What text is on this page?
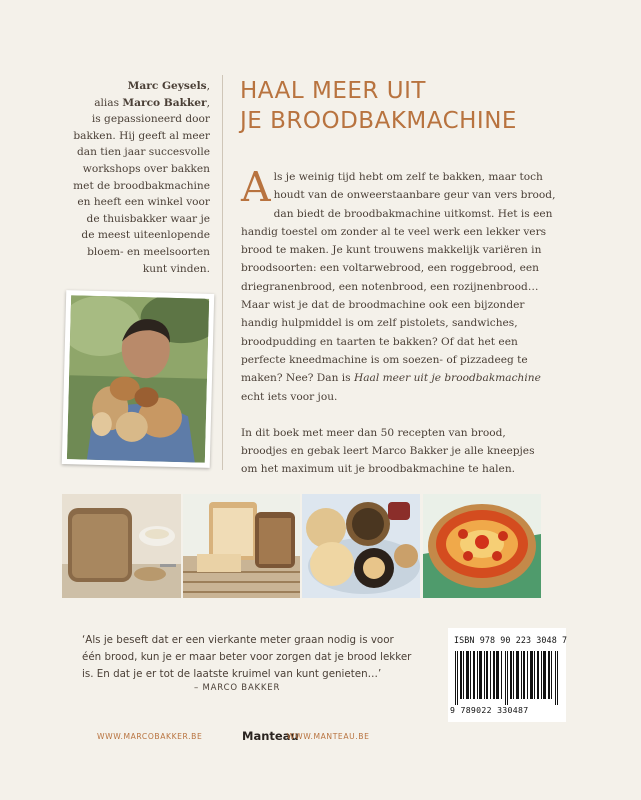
Marc Geysels,
alias Marco Bakker,
is gepassioneerd door
bakken. Hij geeft al meer
dan tien jaar succesvolle
workshops over bakken
met de broodbakmachine
en heeft een winkel voor
de thuisbakker waar je
de meest uiteenlopende
bloem- en meelsoorten
kunt vinden.
HAAL MEER UIT
JE BROODBAKMACHINE

A ls je weinig tijd hebt om zelf te bakken, maar toch
houdt van de onweerstaanbare geur van vers brood,
dan biedt de broodbakmachine uitkomst. Het is een
handig toestel om zonder al te veel werk een lekker vers
brood te maken. Je kunt trouwens makkelijk variëren in
broodsoorten: een voltarwebrood, een roggebrood, een
driegranenbrood, een notenbrood, een rozijnenbrood…
Maar wist je dat de broodmachine ook een bijzonder
handig hulpmiddel is om zelf pistolets, sandwiches,
broodpudding en taarten te bakken? Of dat het een
perfecte kneedmachine is om soezen- of pizzadeeg te
maken? Nee? Dan is Haal meer uit je broodbakmachine
echt iets voor jou.

In dit boek met meer dan 50 recepten van brood,
broodjes en gebak leert Marco Bakker je alle kneepjes
om het maximum uit je broodbakmachine te halen.

‘Als je beseft dat er een vierkante meter graan nodig is voor
één brood, kun je er maar beter voor zorgen dat je brood lekker
is. En dat je er tot de laatste kruimel van kunt genieten…’
– MARCO BAKKER
ISBN 978 90 223 3048 7
9 789022 330487
WWW.MARCOBAKKER.BE	Manteau
WWW.MANTEAU.BE
